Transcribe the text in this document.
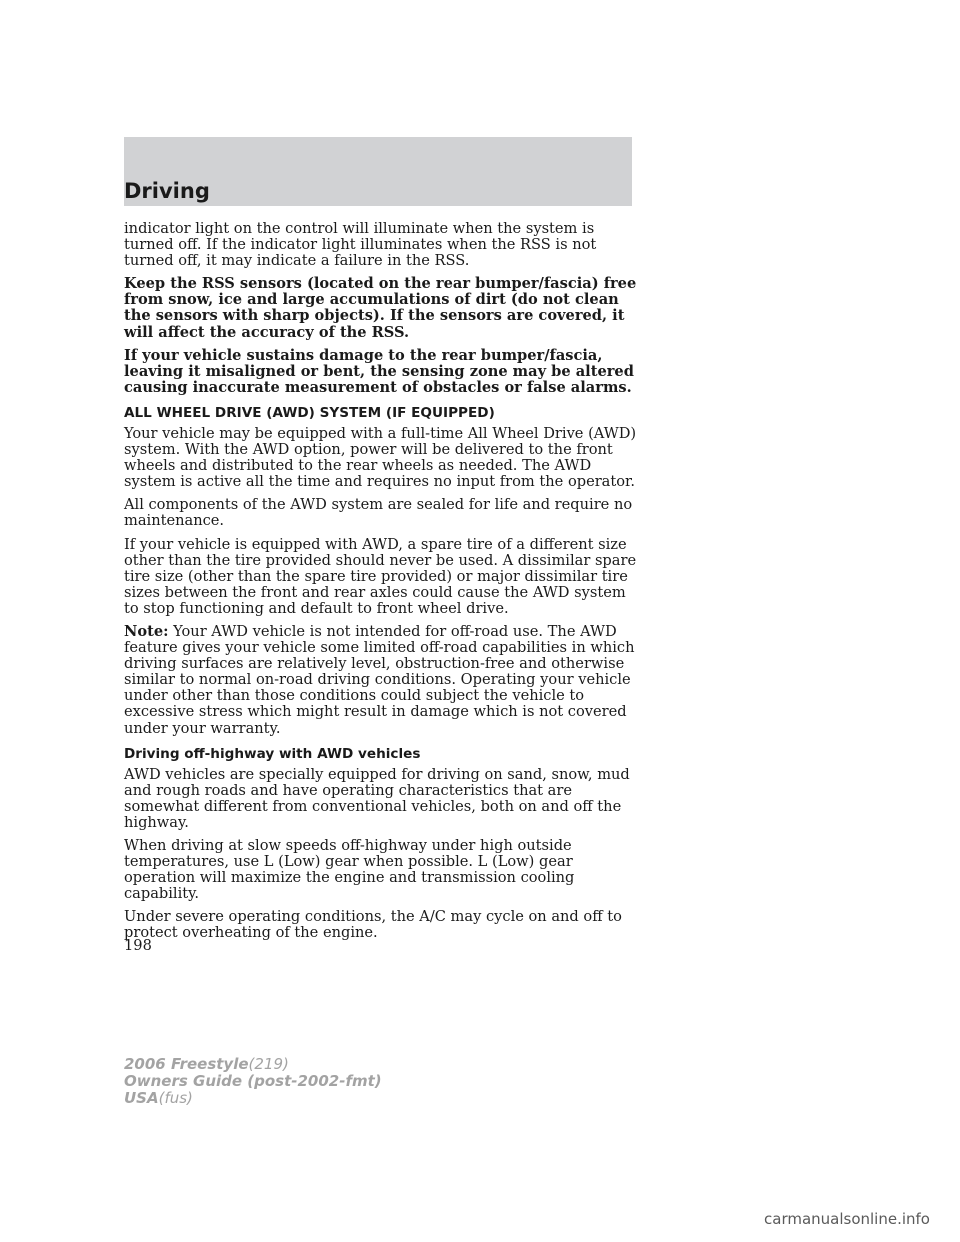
Driving

indicator light on the control will illuminate when the system is turned off. If the indicator light illuminates when the RSS is not turned off, it may indicate a failure in the RSS.

Keep the RSS sensors (located on the rear bumper/fascia) free from snow, ice and large accumulations of dirt (do not clean the sensors with sharp objects). If the sensors are covered, it will affect the accuracy of the RSS.

If your vehicle sustains damage to the rear bumper/fascia, leaving it misaligned or bent, the sensing zone may be altered causing inaccurate measurement of obstacles or false alarms.

ALL WHEEL DRIVE (AWD) SYSTEM (IF EQUIPPED)

Your vehicle may be equipped with a full-time All Wheel Drive (AWD) system. With the AWD option, power will be delivered to the front wheels and distributed to the rear wheels as needed. The AWD system is active all the time and requires no input from the operator.

All components of the AWD system are sealed for life and require no maintenance.

If your vehicle is equipped with AWD, a spare tire of a different size other than the tire provided should never be used. A dissimilar spare tire size (other than the spare tire provided) or major dissimilar tire sizes between the front and rear axles could cause the AWD system to stop functioning and default to front wheel drive.

Note: Your AWD vehicle is not intended for off-road use. The AWD feature gives your vehicle some limited off-road capabilities in which driving surfaces are relatively level, obstruction-free and otherwise similar to normal on-road driving conditions. Operating your vehicle under other than those conditions could subject the vehicle to excessive stress which might result in damage which is not covered under your warranty.

Driving off-highway with AWD vehicles

AWD vehicles are specially equipped for driving on sand, snow, mud and rough roads and have operating characteristics that are somewhat different from conventional vehicles, both on and off the highway.

When driving at slow speeds off-highway under high outside temperatures, use L (Low) gear when possible. L (Low) gear operation will maximize the engine and transmission cooling capability.

Under severe operating conditions, the A/C may cycle on and off to protect overheating of the engine.

198
2006 Freestyle(219)
Owners Guide (post-2002-fmt)
USA(fus)
carmanualsonline.info
